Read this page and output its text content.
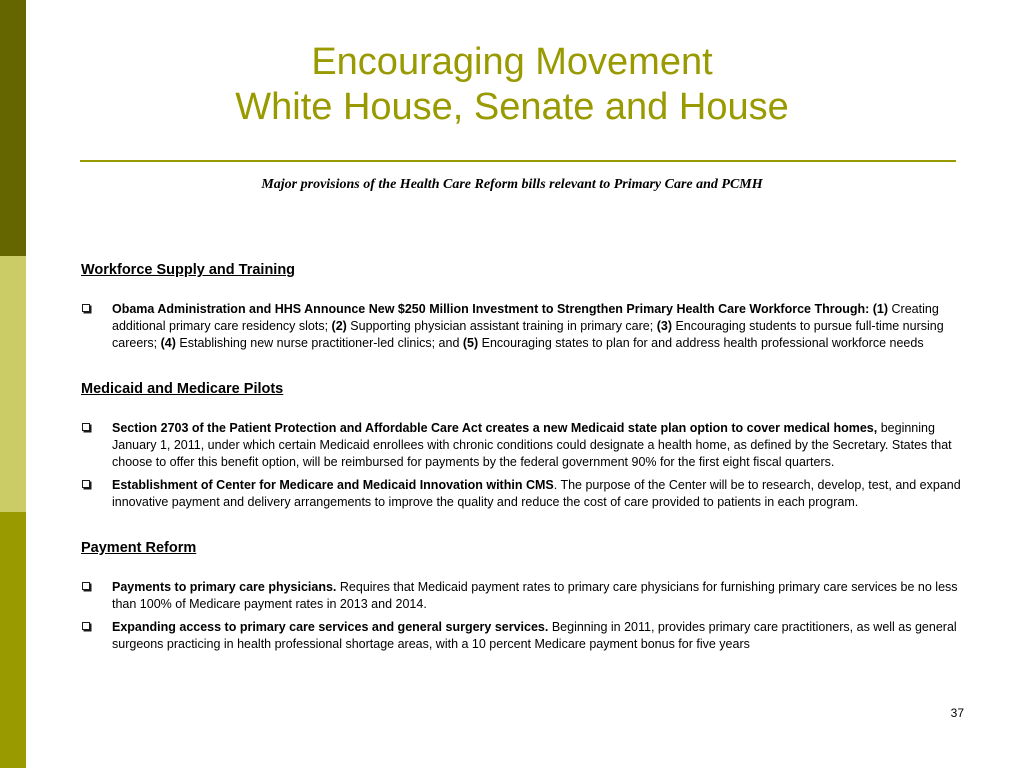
Encouraging Movement
White House, Senate and House
Major provisions of the Health Care Reform bills relevant to Primary Care and PCMH
Workforce Supply and Training
Obama Administration and HHS Announce New $250 Million Investment to Strengthen Primary Health Care Workforce Through: (1) Creating additional primary care residency slots; (2) Supporting physician assistant training in primary care; (3) Encouraging students to pursue full-time nursing careers; (4) Establishing new nurse practitioner-led clinics; and (5) Encouraging states to plan for and address health professional workforce needs
Medicaid and Medicare Pilots
Section 2703 of the Patient Protection and Affordable Care Act creates a new Medicaid state plan option to cover medical homes, beginning January 1, 2011, under which certain Medicaid enrollees with chronic conditions could designate a health home, as defined by the Secretary. States that choose to offer this benefit option, will be reimbursed for payments by the federal government 90% for the first eight fiscal quarters.
Establishment of Center for Medicare and Medicaid Innovation within CMS. The purpose of the Center will be to research, develop, test, and expand innovative payment and delivery arrangements to improve the quality and reduce the cost of care provided to patients in each program.
Payment Reform
Payments to primary care physicians. Requires that Medicaid payment rates to primary care physicians for furnishing primary care services be no less than 100% of Medicare payment rates in 2013 and 2014.
Expanding access to primary care services and general surgery services. Beginning in 2011, provides primary care practitioners, as well as general surgeons practicing in health professional shortage areas, with a 10 percent Medicare payment bonus for five years
37
